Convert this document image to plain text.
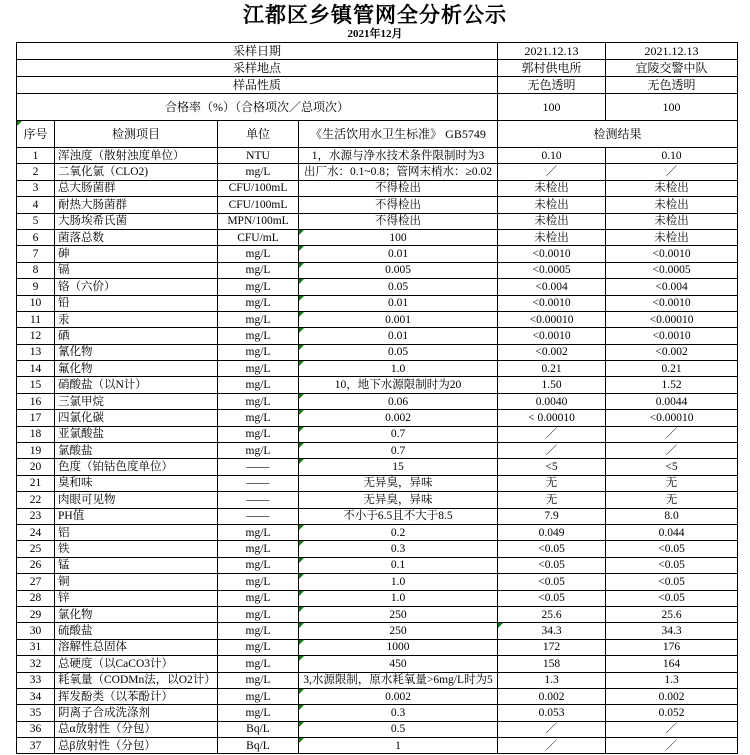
江都区乡镇管网全分析公示
2021年12月
采样日期				2021.12.13	2021.12.13
采样地点				郭村供电所	宜陵交警中队
样品性质				无色透明	无色透明
合格率（%）（合格项次／总项次）				100	100
序号	检测项目	单位	《生活饮用水卫生标准》 GB5749	检测结果	
1	浑浊度（散射浊度单位）	NTU	1，水源与净水技术条件限制时为3	0.10	0.10
2	二氧化氯（CLO2)	mg/L	出厂水：0.1~0.8；管网末梢水：≥0.02	／	／
3	总大肠菌群	CFU/100mL	不得检出	未检出	未检出
4	耐热大肠菌群	CFU/100mL	不得检出	未检出	未检出
5	大肠埃希氏菌	MPN/100mL	不得检出	未检出	未检出
6	菌落总数	CFU/mL	100	未检出	未检出
7	砷	mg/L	0.01	<0.0010	<0.0010
8	镉	mg/L	0.005	<0.0005	<0.0005
9	铬（六价）	mg/L	0.05	<0.004	<0.004
10	铅	mg/L	0.01	<0.0010	<0.0010
11	汞	mg/L	0.001	<0.00010	<0.00010
12	硒	mg/L	0.01	<0.0010	<0.0010
13	氰化物	mg/L	0.05	<0.002	<0.002
14	氟化物	mg/L	1.0	0.21	0.21
15	硝酸盐（以N计）	mg/L	10，地下水源限制时为20	1.50	1.52
16	三氯甲烷	mg/L	0.06	0.0040	0.0044
17	四氯化碳	mg/L	0.002	< 0.00010	<0.00010
18	亚氯酸盐	mg/L	0.7	／	／
19	氯酸盐	mg/L	0.7	／	／
20	色度（铂钴色度单位）	——	15	<5	<5
21	臭和味	——	无异臭，异味	无	无
22	肉眼可见物	——	无异臭，异味	无	无
23	PH值	——	不小于6.5且不大于8.5	7.9	8.0
24	铝	mg/L	0.2	0.049	0.044
25	铁	mg/L	0.3	<0.05	<0.05
26	锰	mg/L	0.1	<0.05	<0.05
27	铜	mg/L	1.0	<0.05	<0.05
28	锌	mg/L	1.0	<0.05	<0.05
29	氯化物	mg/L	250	25.6	25.6
30	硫酸盐	mg/L	250	34.3	34.3
31	溶解性总固体	mg/L	1000	172	176
32	总硬度（以CaCO3计）	mg/L	450	158	164
33	耗氧量（CODMn法，以O2计）	mg/L	3,水源限制，原水耗氧量>6mg/L时为5	1.3	1.3
34	挥发酚类（以苯酚计）	mg/L	0.002	0.002	0.002
35	阴离子合成洗涤剂	mg/L	0.3	0.053	0.052
36	总α放射性（分包）	Bq/L	0.5	／	／
37	总β放射性（分包）	Bq/L	1	／	／
